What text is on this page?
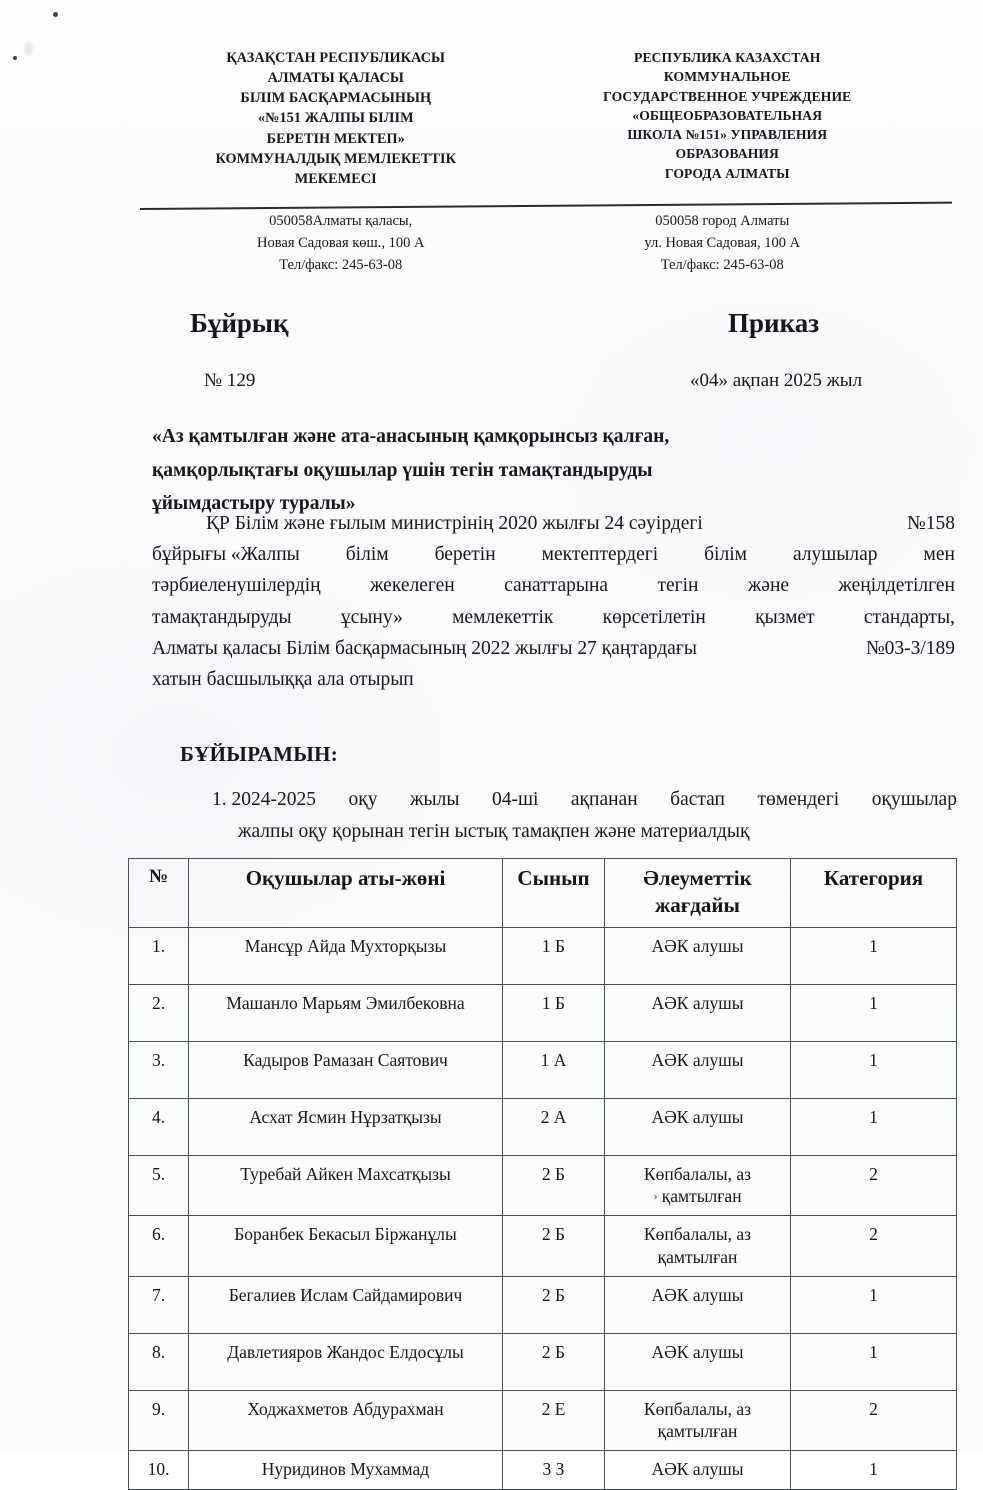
ҚАЗАҚСТАН РЕСПУБЛИКАСЫ
АЛМАТЫ ҚАЛАСЫ
БІЛІМ БАСҚАРМАСЫНЫҢ
«№151 ЖАЛПЫ БІЛІМ
БЕРЕТІН МЕКТЕП»
КОММУНАЛДЫҚ МЕМЛЕКЕТТІК
МЕКЕМЕСІ
РЕСПУБЛИКА КАЗАХСТАН
КОММУНАЛЬНОЕ
ГОСУДАРСТВЕННОЕ УЧРЕЖДЕНИЕ
«ОБЩЕОБРАЗОВАТЕЛЬНАЯ
ШКОЛА №151» УПРАВЛЕНИЯ
ОБРАЗОВАНИЯ
ГОРОДА АЛМАТЫ
050058Алматы қаласы,
Новая Садовая көш., 100 А
Тел/факс: 245-63-08
050058 город Алматы
ул. Новая Садовая, 100 А
Тел/факс: 245-63-08
Бұйрық	Приказ
№ 129	«04» ақпан 2025 жыл
«Аз қамтылған және ата-анасының қамқорынсыз қалған,
қамқорлықтағы оқушылар үшін тегін тамақтандыруды
ұйымдастыру туралы»
ҚР Білім және ғылым министрінің 2020 жылғы 24 сәуірдегі	№158
бұйрығы «Жалпы білім беретін мектептердегі білім алушылар мен
тәрбиеленушілердің	жекелеген	санаттарына	тегін	және	жеңілдетілген
тамақтандыруды	ұсыну»	мемлекеттік	көрсетілетін	қызмет	стандарты,
Алматы қаласы Білім басқармасының 2022 жылғы 27 қаңтардағы	№03-3/189
хатын басшылыққа ала отырып
БҰЙЫРАМЫН:
1. 2024-2025 оқу жылы 04-ші ақпанан бастап төмендегі оқушылар
жалпы оқу қорынан тегін ыстық тамақпен және материалдық
№	Оқушылар аты-жөні	Сынып	Әлеуметтік
жағдайы	Категория
1.	Мансұр Айда Мухторқызы	1 Б	АӘК алушы	1
2.	Машанло Марьям Эмилбековна	1 Б	АӘК алушы	1
3.	Кадыров Рамазан Саятович	1 А	АӘК алушы	1
4.	Асхат Ясмин Нұрзатқызы	2 А	АӘК алушы	1
5.	Туребай Айкен Махсатқызы	2 Б	Көпбалалы, аз
› қамтылған	2
6.	Боранбек Бекасыл Біржанұлы	2 Б	Көпбалалы, аз
қамтылған	2
7.	Бегалиев Ислам Сайдамирович	2 Б	АӘК алушы	1
8.	Давлетияров Жандос Елдосұлы	2 Б	АӘК алушы	1
9.	Ходжахметов Абдурахман	2 Е	Көпбалалы, аз
қамтылған	2
10.	Нуридинов Мухаммад	3 З	АӘК алушы	1
